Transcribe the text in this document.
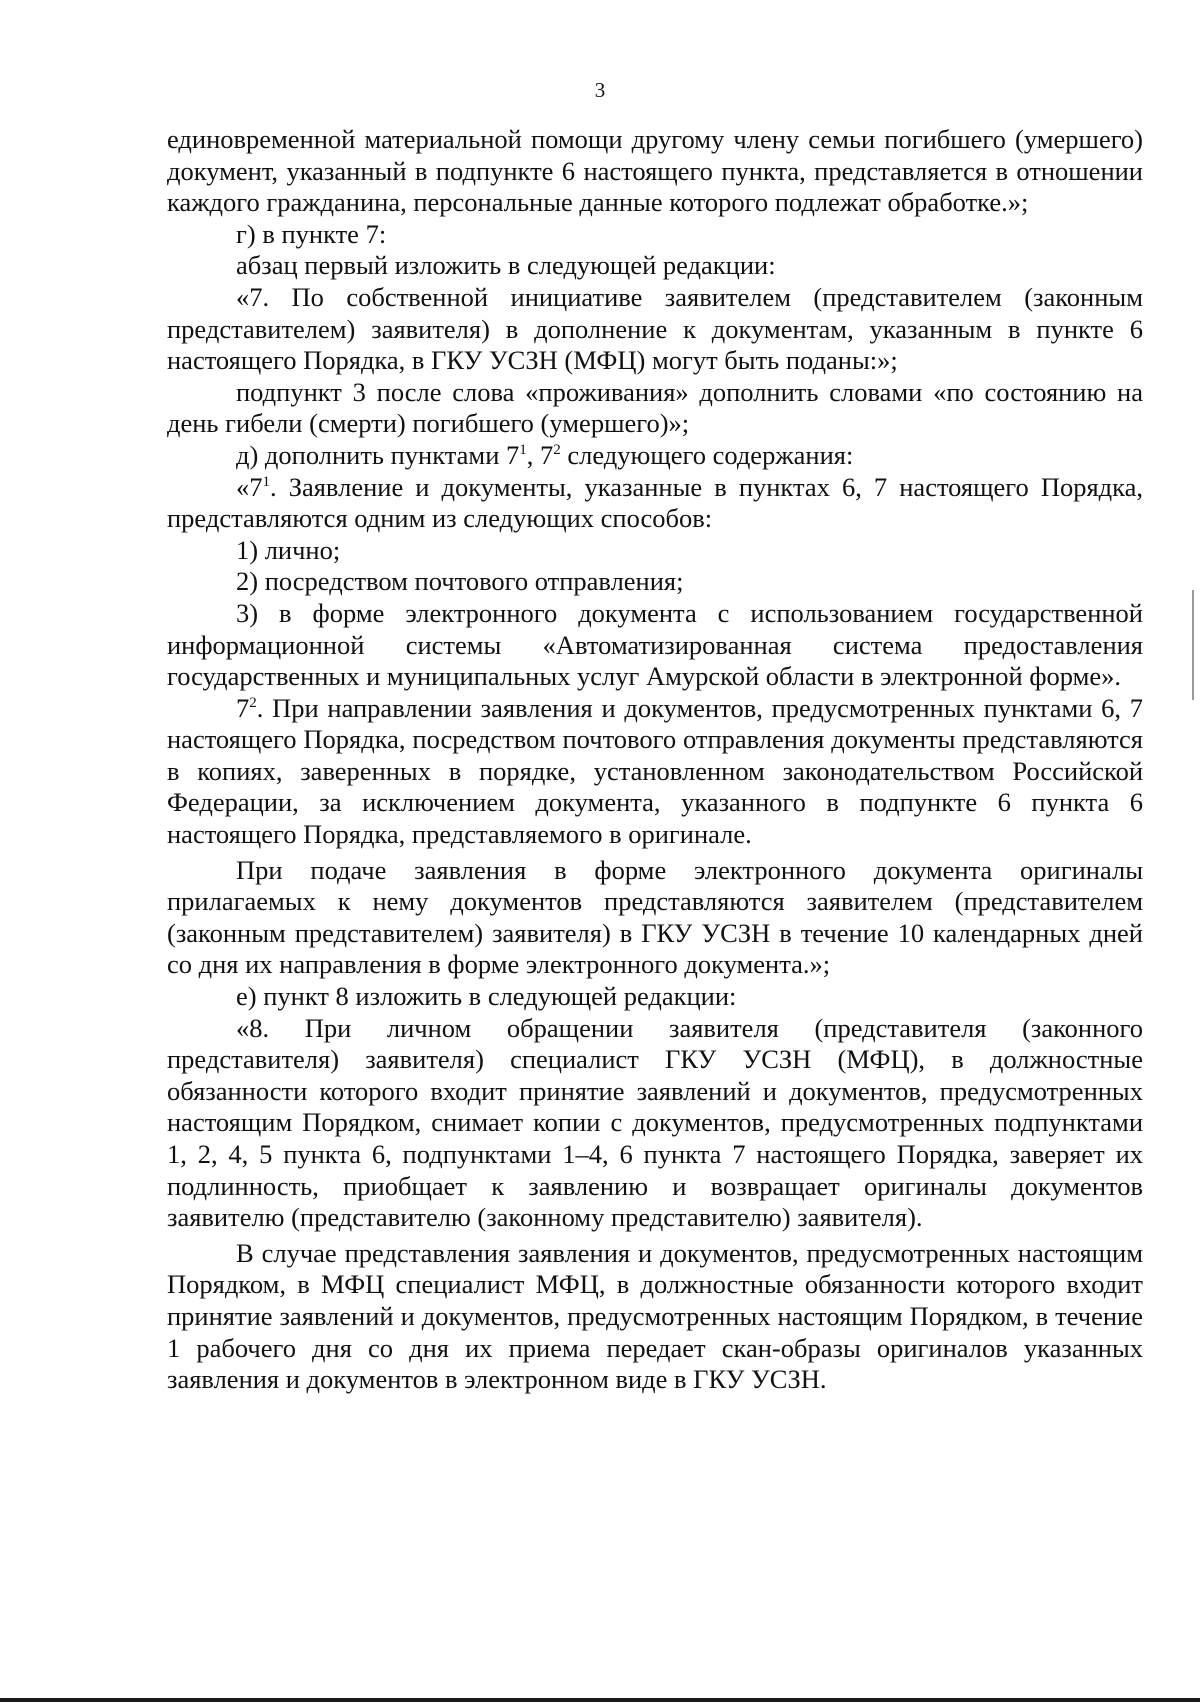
3

единовременной материальной помощи другому члену семьи погибшего (умершего) документ, указанный в подпункте 6 настоящего пункта, представляется в отношении каждого гражданина, персональные данные которого подлежат обработке.»;

г) в пункте 7:

абзац первый изложить в следующей редакции:

«7. По собственной инициативе заявителем (представителем (законным представителем) заявителя) в дополнение к документам, указанным в пункте 6 настоящего Порядка, в ГКУ УСЗН (МФЦ) могут быть поданы:»;

подпункт 3 после слова «проживания» дополнить словами «по состоянию на день гибели (смерти) погибшего (умершего)»;

д) дополнить пунктами $7^1$, $7^2$ следующего содержания:

«$7^1$. Заявление и документы, указанные в пунктах 6, 7 настоящего Порядка, представляются одним из следующих способов:

1) лично;

2) посредством почтового отправления;

3) в форме электронного документа с использованием государственной информационной системы «Автоматизированная система предоставления государственных и муниципальных услуг Амурской области в электронной форме».

$7^2$. При направлении заявления и документов, предусмотренных пунктами 6, 7 настоящего Порядка, посредством почтового отправления документы представляются в копиях, заверенных в порядке, установленном законодательством Российской Федерации, за исключением документа, указанного в подпункте 6 пункта 6 настоящего Порядка, представляемого в оригинале.

При подаче заявления в форме электронного документа оригиналы прилагаемых к нему документов представляются заявителем (представителем (законным представителем) заявителя) в ГКУ УСЗН в течение 10 календарных дней со дня их направления в форме электронного документа.»;

е) пункт 8 изложить в следующей редакции:

«8. При личном обращении заявителя (представителя (законного представителя) заявителя) специалист ГКУ УСЗН (МФЦ), в должностные обязанности которого входит принятие заявлений и документов, предусмотренных настоящим Порядком, снимает копии с документов, предусмотренных подпунктами 1, 2, 4, 5 пункта 6, подпунктами 1–4, 6 пункта 7 настоящего Порядка, заверяет их подлинность, приобщает к заявлению и возвращает оригиналы документов заявителю (представителю (законному представителю) заявителя).

В случае представления заявления и документов, предусмотренных настоящим Порядком, в МФЦ специалист МФЦ, в должностные обязанности которого входит принятие заявлений и документов, предусмотренных настоящим Порядком, в течение 1 рабочего дня со дня их приема передает скан-образы оригиналов указанных заявления и документов в электронном виде в ГКУ УСЗН.
